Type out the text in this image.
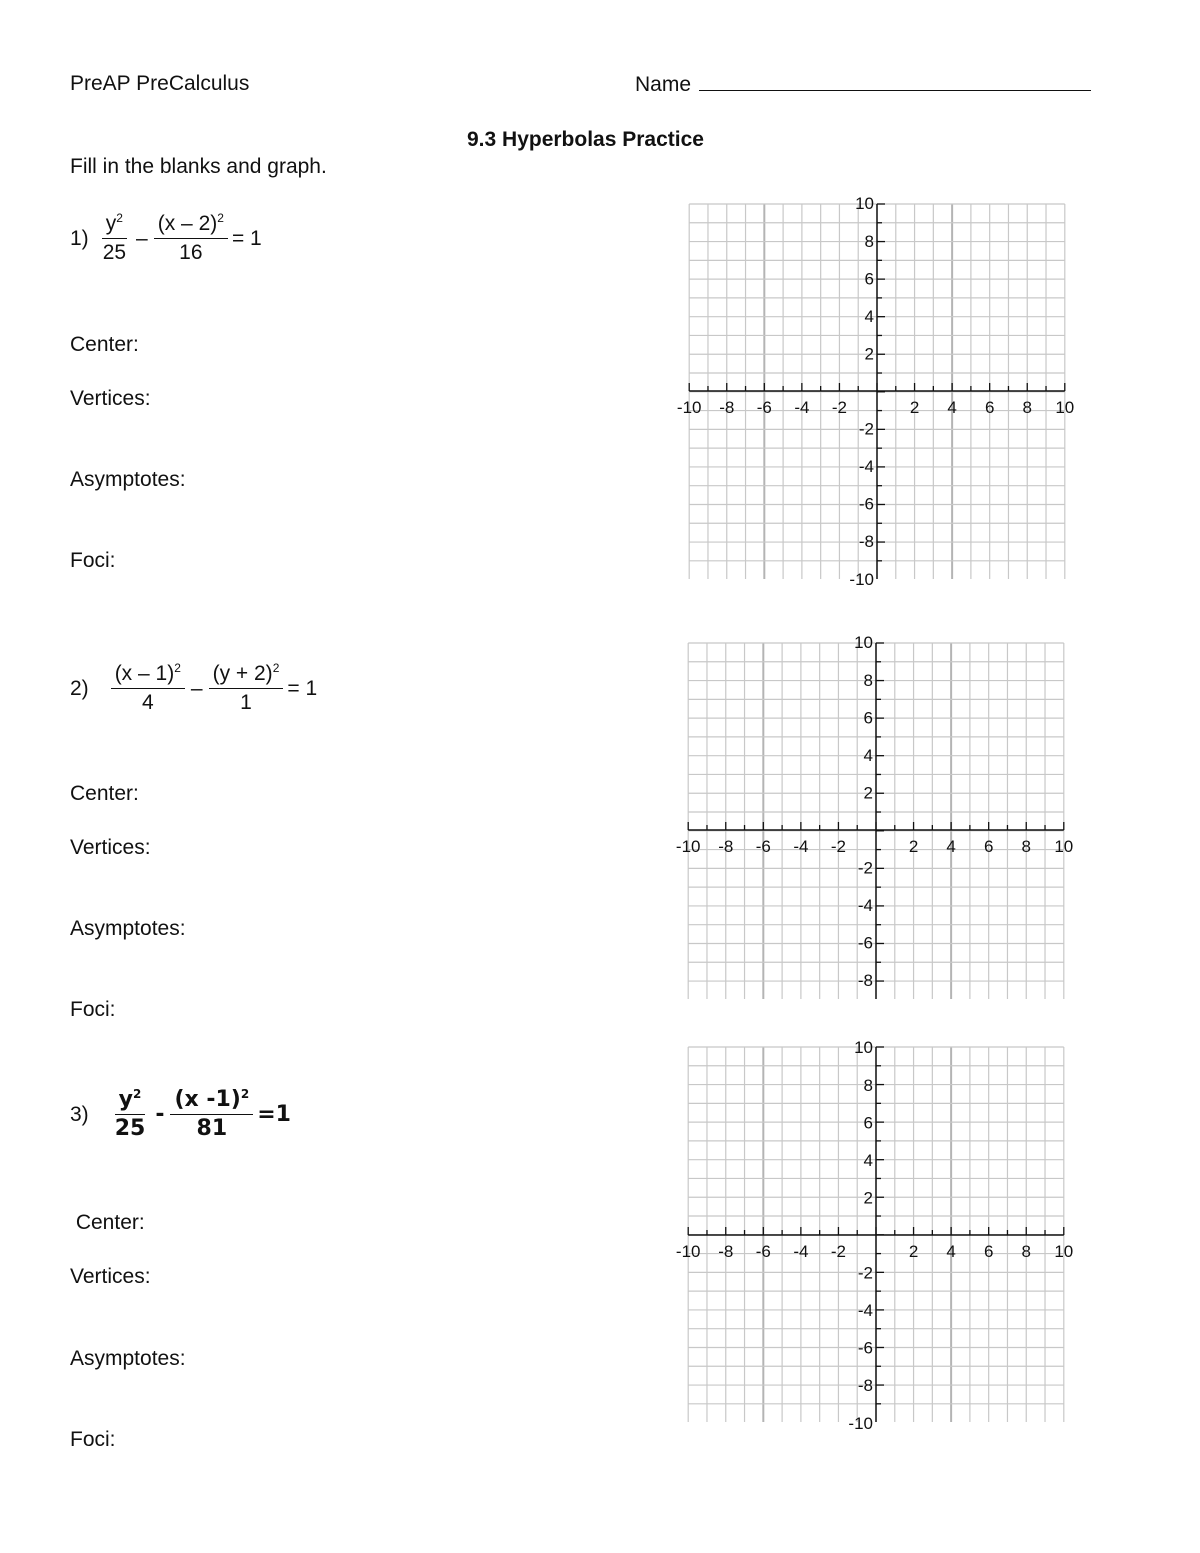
PreAP PreCalculus	Name
9.3 Hyperbolas Practice
Fill in the blanks and graph.
$1) \frac{y^2}{25} - \frac{(x - 2)^2}{16} = 1$
Center:
Vertices:
Asymptotes:
Foci:
$2) \frac{(x - 1)^2}{4} - \frac{(y + 2)^2}{1} = 1$
Center:
Vertices:
Asymptotes:
Foci:
$3) \frac{y^2}{25} - \frac{(x -1)^2}{81} =1$
Center:
Vertices:
Asymptotes:
Foci:
-10 -8 -6 -4 -2	2 4 6 8 10
10
8
6
4
2
-2
-4
-6
-8
-10
-10 -8 -6 -4 -2	2 4 6 8 10
10
8
6
4
2
-2
-4
-6
-8
-10 -8 -6 -4 -2	2 4 6 8 10
10
8
6
4
2
-2
-4
-6
-8
-10
